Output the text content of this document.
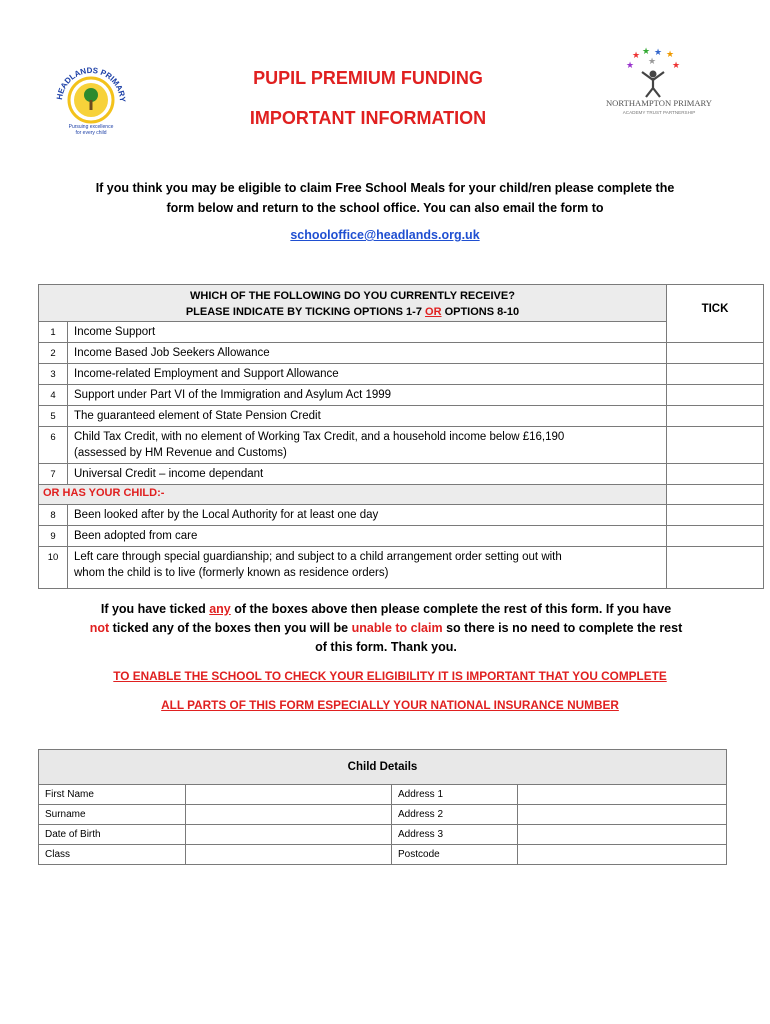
HEADLANDS PRIMARY
Pursuing excellence
for every child
★ ★ ★ ★
★	★
★
NORTHAMPTON PRIMARY
ACADEMY TRUST PARTNERSHIP
PUPIL PREMIUM FUNDING
IMPORTANT INFORMATION
If you think you may be eligible to claim Free School Meals for your child/ren please complete the
form below and return to the school office. You can also email the form to
schooloffice@headlands.org.uk
WHICH OF THE FOLLOWING DO YOU CURRENTLY RECEIVE?
PLEASE INDICATE BY TICKING OPTIONS 1-7 OR OPTIONS 8-10		TICK

1	Income Support	
2	Income Based Job Seekers Allowance	
3	Income-related Employment and Support Allowance	
4	Support under Part VI of the Immigration and Asylum Act 1999	
5	The guaranteed element of State Pension Credit	
6	Child Tax Credit, with no element of Working Tax Credit, and a household income below £16,190
(assessed by HM Revenue and Customs)	

7	Universal Credit – income dependant	
OR HAS YOUR CHILD:-		
8	Been looked after by the Local Authority for at least one day	
9	Been adopted from care	
10	Left care through special guardianship; and subject to a child arrangement order setting out with
whom the child is to live (formerly known as residence orders)	

If you have ticked any of the boxes above then please complete the rest of this form. If you have
not ticked any of the boxes then you will be unable to claim so there is no need to complete the rest
of this form. Thank you.
TO ENABLE THE SCHOOL TO CHECK YOUR ELIGIBILITY IT IS IMPORTANT THAT YOU COMPLETE
ALL PARTS OF THIS FORM ESPECIALLY YOUR NATIONAL INSURANCE NUMBER
Child Details			
First Name		Address 1	
Surname		Address 2	
Date of Birth		Address 3	
Class		Postcode	
